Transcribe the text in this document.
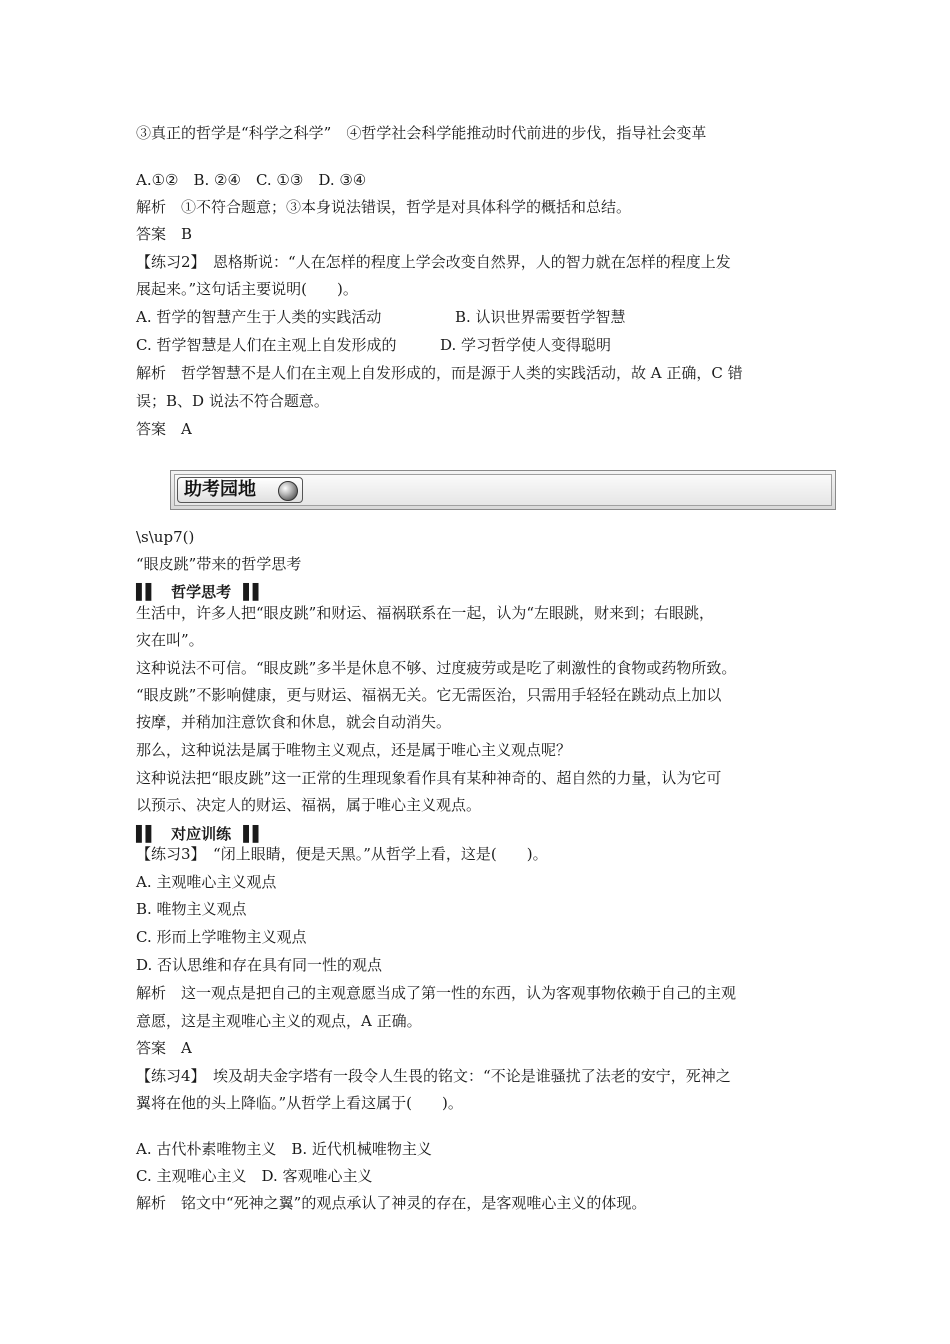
③真正的哲学是“科学之科学”　④哲学社会科学能推动时代前进的步伐，指导社会变革
A.①②　B. ②④　C. ①③　D. ③④
解析　①不符合题意；③本身说法错误，哲学是对具体科学的概括和总结。
答案　B
【练习2】　恩格斯说：“人在怎样的程度上学会改变自然界，人的智力就在怎样的程度上发
展起来。”这句话主要说明(　　)。
A. 哲学的智慧产生于人类的实践活动	B. 认识世界需要哲学智慧
C. 哲学智慧是人们在主观上自发形成的	D. 学习哲学使人变得聪明
解析　哲学智慧不是人们在主观上自发形成的，而是源于人类的实践活动，故 A 正确，C 错
误；B、D 说法不符合题意。
答案　A
助考园地
\s\up7()
“眼皮跳”带来的哲学思考
▌▌ 哲学思考 ▌▌
生活中，许多人把“眼皮跳”和财运、福祸联系在一起，认为“左眼跳，财来到；右眼跳，
灾在叫”。
这种说法不可信。“眼皮跳”多半是休息不够、过度疲劳或是吃了刺激性的食物或药物所致。
“眼皮跳”不影响健康，更与财运、福祸无关。它无需医治，只需用手轻轻在跳动点上加以
按摩，并稍加注意饮食和休息，就会自动消失。
那么，这种说法是属于唯物主义观点，还是属于唯心主义观点呢？
这种说法把“眼皮跳”这一正常的生理现象看作具有某种神奇的、超自然的力量，认为它可
以预示、决定人的财运、福祸，属于唯心主义观点。
▌▌ 对应训练 ▌▌
【练习3】　“闭上眼睛，便是天黑。”从哲学上看，这是(　　)。
A. 主观唯心主义观点
B. 唯物主义观点
C. 形而上学唯物主义观点
D. 否认思维和存在具有同一性的观点
解析　这一观点是把自己的主观意愿当成了第一性的东西，认为客观事物依赖于自己的主观
意愿，这是主观唯心主义的观点，A 正确。
答案　A
【练习4】　埃及胡夫金字塔有一段令人生畏的铭文：“不论是谁骚扰了法老的安宁，死神之
翼将在他的头上降临。”从哲学上看这属于(　　)。
A. 古代朴素唯物主义　B. 近代机械唯物主义
C. 主观唯心主义　D. 客观唯心主义
解析　铭文中“死神之翼”的观点承认了神灵的存在，是客观唯心主义的体现。
